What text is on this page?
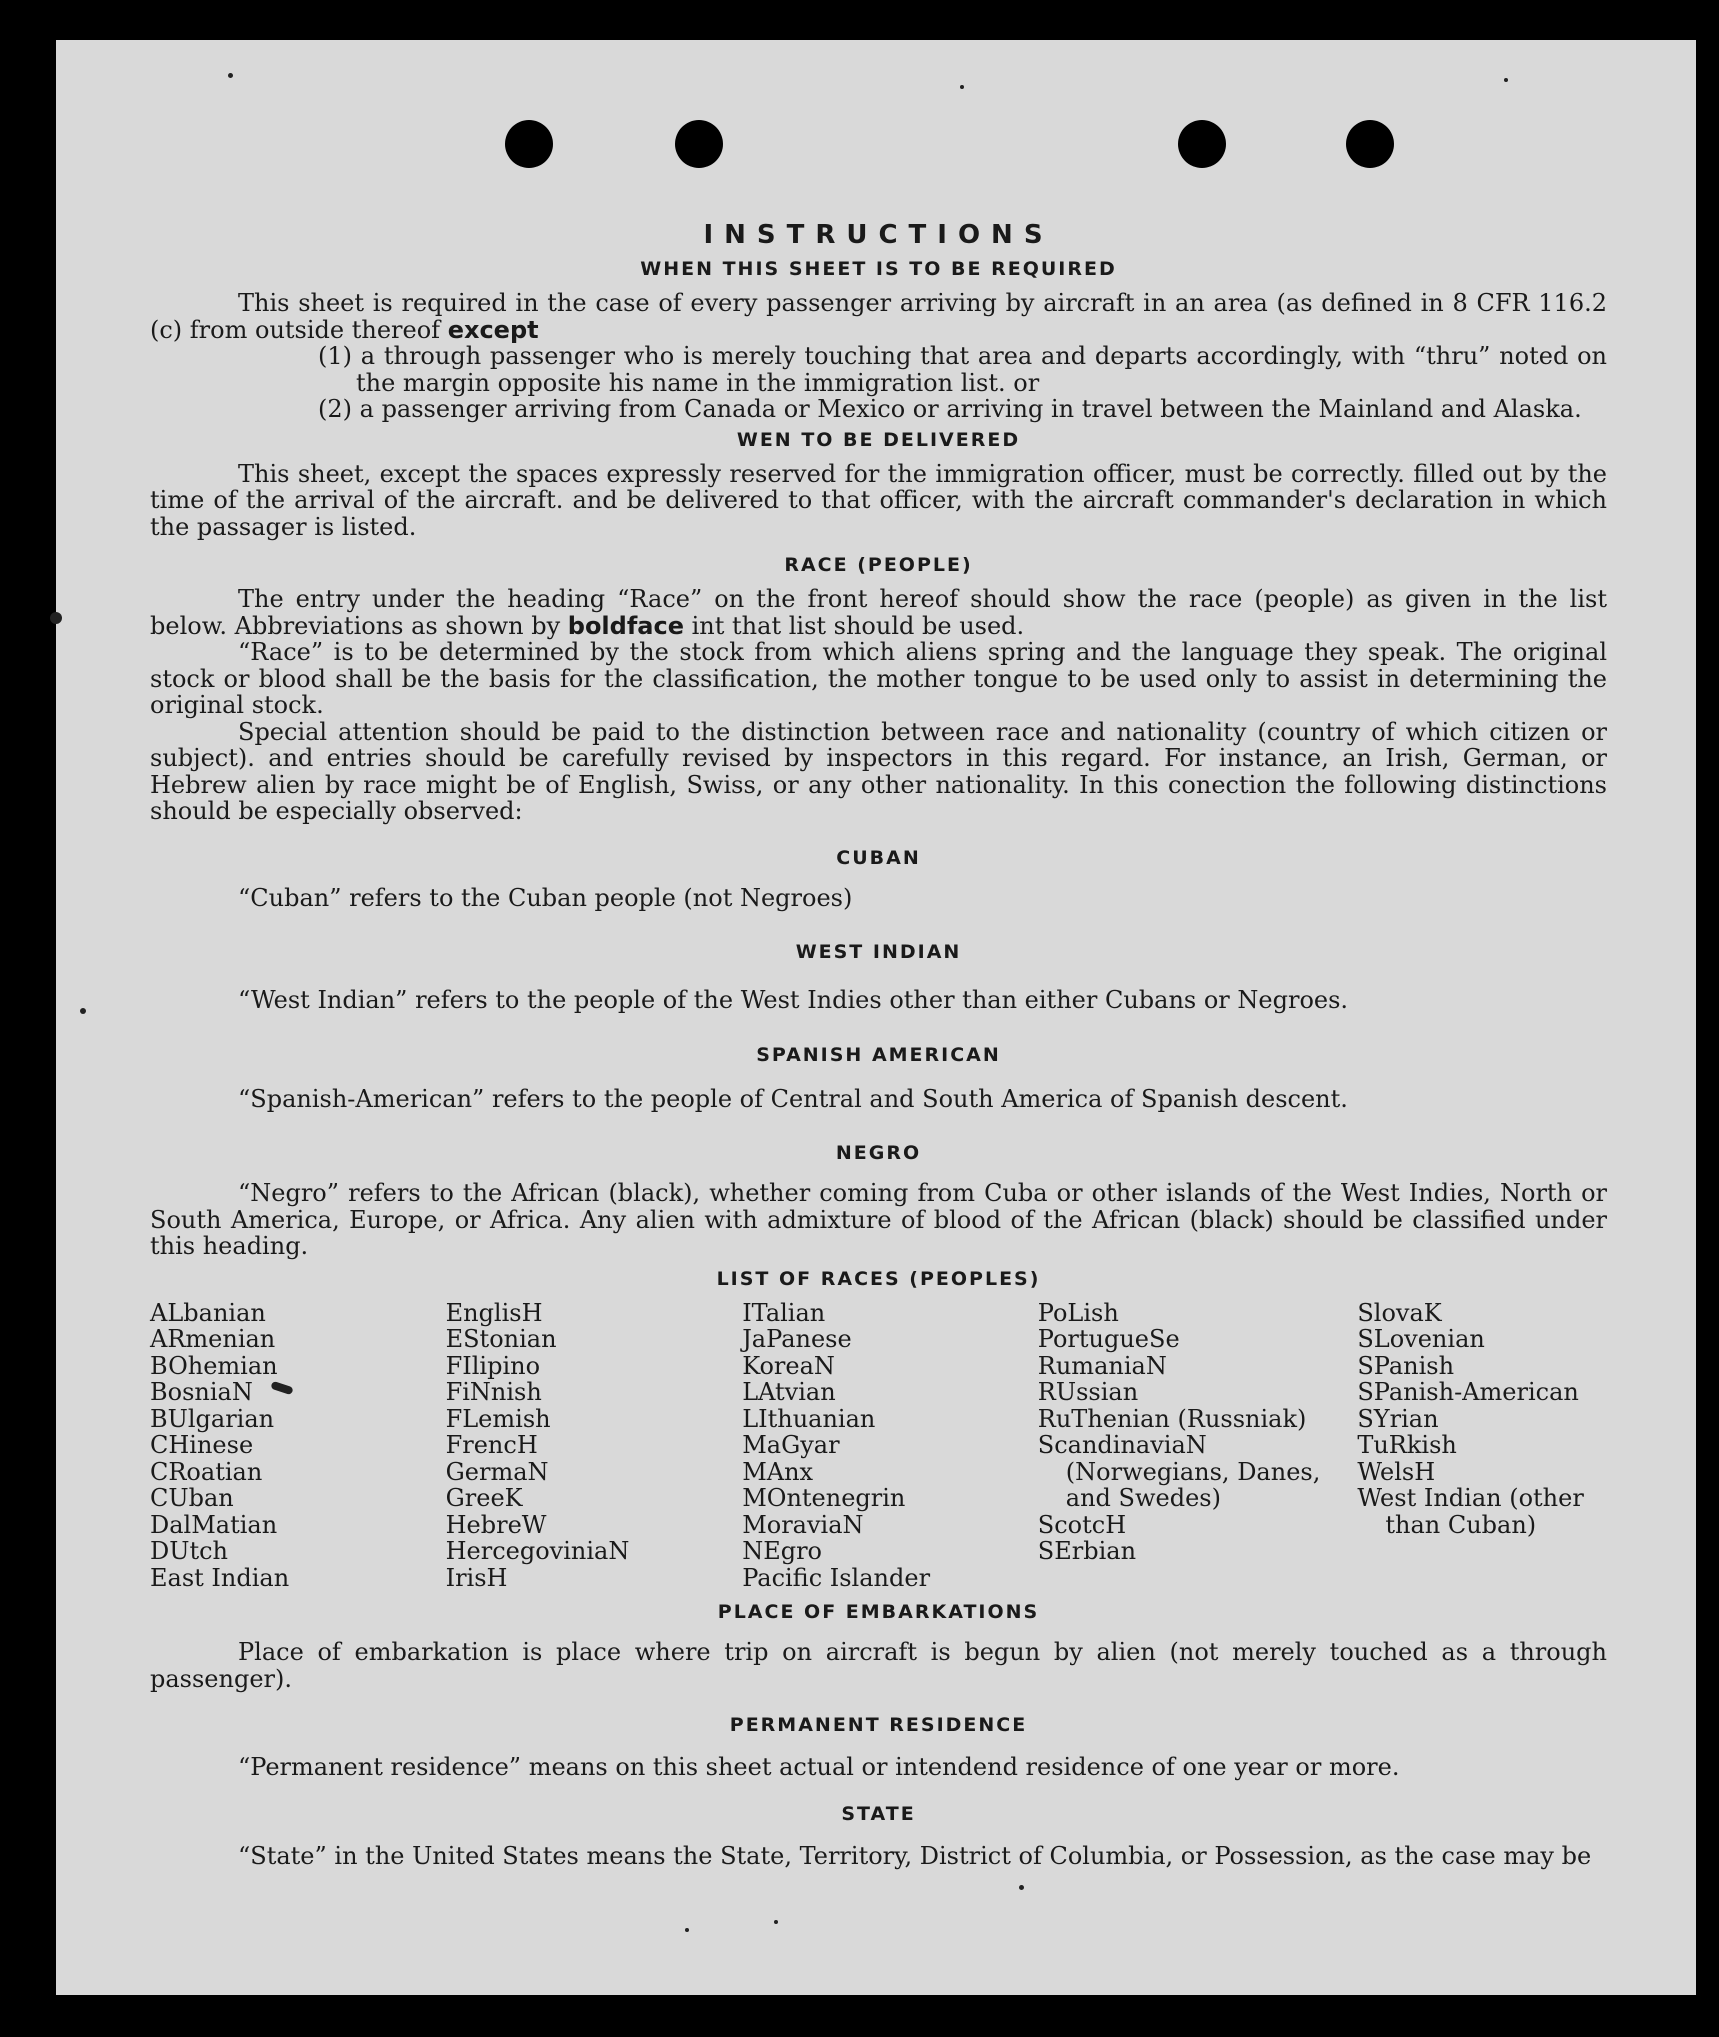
INSTRUCTIONS
WHEN THIS SHEET IS TO BE REQUIRED

This sheet is required in the case of every passenger arriving by aircraft in an area (as defined in 8 CFR 116.2 (c) from outside thereof except

(1) a through passenger who is merely touching that area and departs accordingly, with “thru” noted on the margin opposite his name in the immigration list. or

(2) a passenger arriving from Canada or Mexico or arriving in travel between the Mainland and Alaska.

WEN TO BE DELIVERED

This sheet, except the spaces expressly reserved for the immigration officer, must be correctly. filled out by the time of the arrival of the aircraft. and be delivered to that officer, with the aircraft commander's declaration in which the passager is listed.

RACE (PEOPLE)

The entry under the heading “Race” on the front hereof should show the race (people) as given in the list below. Abbreviations as shown by boldface int that list should be used.

“Race” is to be determined by the stock from which aliens spring and the language they speak. The original stock or blood shall be the basis for the classification, the mother tongue to be used only to assist in determining the original stock.

Special attention should be paid to the distinction between race and nationality (country of which citizen or subject). and entries should be carefully revised by inspectors in this regard. For instance, an Irish, German, or Hebrew alien by race might be of English, Swiss, or any other nationality. In this conection the following distinctions should be especially observed:

CUBAN

“Cuban” refers to the Cuban people (not Negroes)

WEST INDIAN

“West Indian” refers to the people of the West Indies other than either Cubans or Negroes.

SPANISH AMERICAN

“Spanish-American” refers to the people of Central and South America of Spanish descent.

NEGRO

“Negro” refers to the African (black), whether coming from Cuba or other islands of the West Indies, North or South America, Europe, or Africa. Any alien with admixture of blood of the African (black) should be classified under this heading.

LIST OF RACES (PEOPLES)
ALbanian
ARmenian
BOhemian
BosniaN
BUlgarian
CHinese
CRoatian
CUban
DalMatian
DUtch
East Indian
EnglisH
EStonian
FIlipino
FiNnish
FLemish
FrencH
GermaN
GreeK
HebreW
HercegoviniaN
IrisH
ITalian
JaPanese
KoreaN
LAtvian
LIthuanian
MaGyar
MAnx
MOntenegrin
MoraviaN
NEgro
Pacific Islander
PoLish
PortugueSe
RumaniaN
RUssian
RuThenian (Russniak)
ScandinaviaN (Norwegians, Danes, and Swedes)
ScotcH
SErbian
SlovaK
SLovenian
SPanish
SPanish-American
SYrian
TuRkish
WelsH
West Indian (other than Cuban)
PLACE OF EMBARKATIONS

Place of embarkation is place where trip on aircraft is begun by alien (not merely touched as a through passenger).

PERMANENT RESIDENCE

“Permanent residence” means on this sheet actual or intendend residence of one year or more.

STATE

“State” in the United States means the State, Territory, District of Columbia, or Possession, as the case may be
